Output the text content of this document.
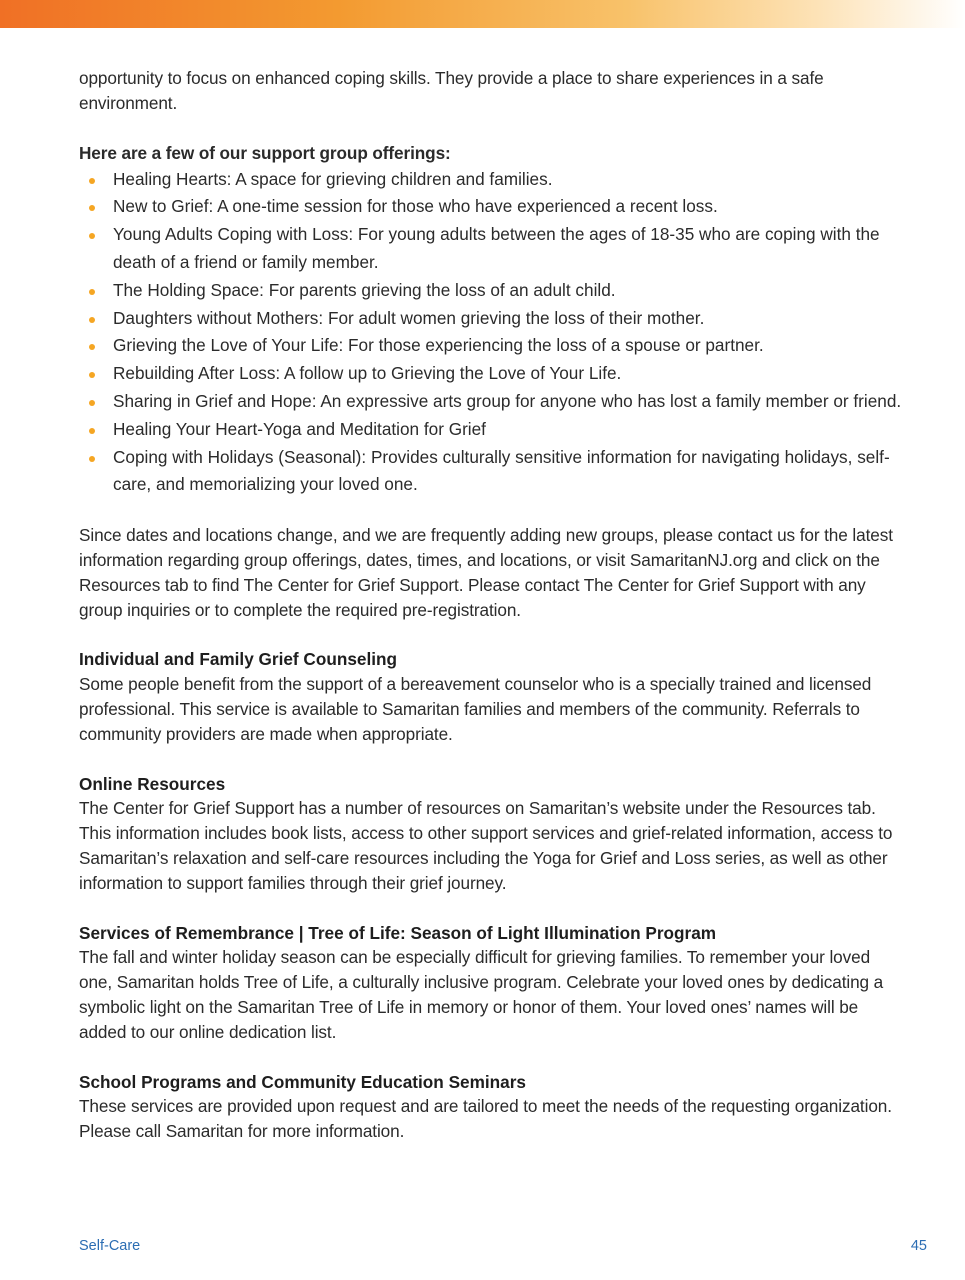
opportunity to focus on enhanced coping skills. They provide a place to share experiences in a safe environment.

Here are a few of our support group offerings:

Healing Hearts: A space for grieving children and families.
New to Grief: A one-time session for those who have experienced a recent loss.
Young Adults Coping with Loss: For young adults between the ages of 18-35 who are coping with the death of a friend or family member.
The Holding Space: For parents grieving the loss of an adult child.
Daughters without Mothers: For adult women grieving the loss of their mother.
Grieving the Love of Your Life: For those experiencing the loss of a spouse or partner.
Rebuilding After Loss: A follow up to Grieving the Love of Your Life.
Sharing in Grief and Hope: An expressive arts group for anyone who has lost a family member or friend.
Healing Your Heart-Yoga and Meditation for Grief
Coping with Holidays (Seasonal): Provides culturally sensitive information for navigating holidays, self-care, and memorializing your loved one.

Since dates and locations change, and we are frequently adding new groups, please contact us for the latest information regarding group offerings, dates, times, and locations, or visit SamaritanNJ.org and click on the Resources tab to find The Center for Grief Support. Please contact The Center for Grief Support with any group inquiries or to complete the required pre-registration.

Individual and Family Grief Counseling

Some people benefit from the support of a bereavement counselor who is a specially trained and licensed professional. This service is available to Samaritan families and members of the community. Referrals to community providers are made when appropriate.

Online Resources

The Center for Grief Support has a number of resources on Samaritan’s website under the Resources tab. This information includes book lists, access to other support services and grief-related information, access to Samaritan’s relaxation and self-care resources including the Yoga for Grief and Loss series, as well as other information to support families through their grief journey.

Services of Remembrance | Tree of Life: Season of Light Illumination Program

The fall and winter holiday season can be especially difficult for grieving families. To remember your loved one, Samaritan holds Tree of Life, a culturally inclusive program. Celebrate your loved ones by dedicating a symbolic light on the Samaritan Tree of Life in memory or honor of them. Your loved ones’ names will be added to our online dedication list.

School Programs and Community Education Seminars

These services are provided upon request and are tailored to meet the needs of the requesting organization. Please call Samaritan for more information.

Self-Care	45
